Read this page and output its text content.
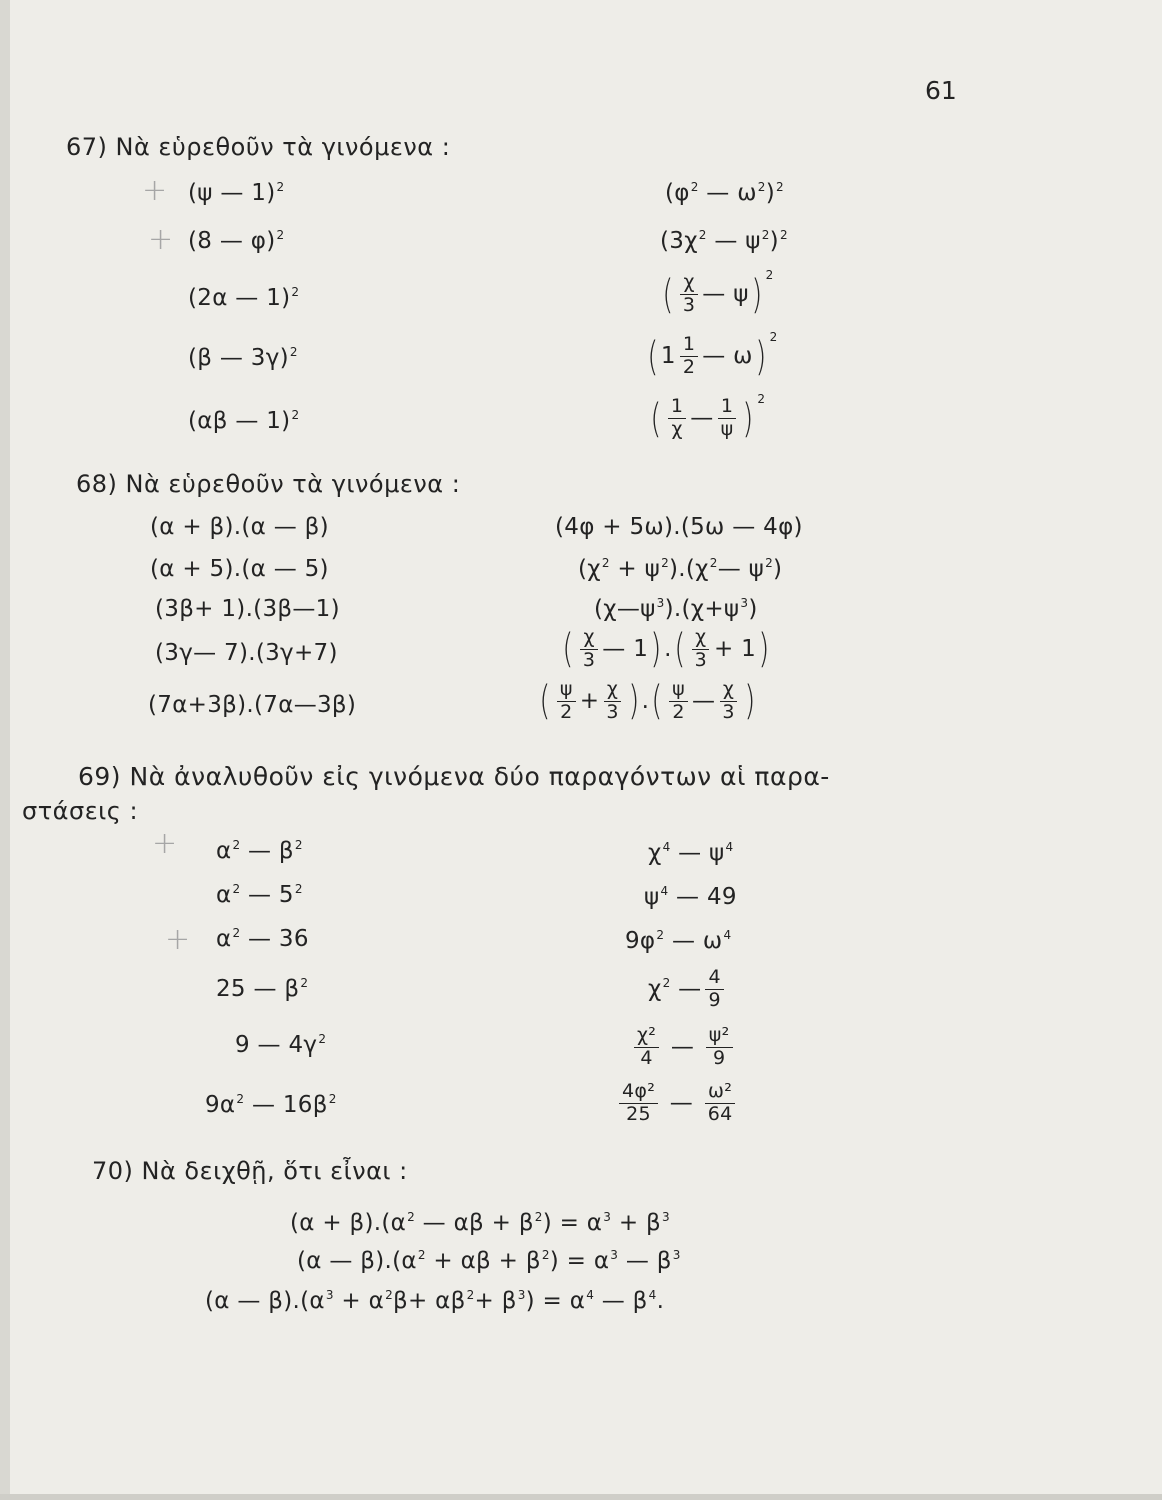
61
67) Νὰ εὑρεθοῦν τὰ γινόμενα :
+
+
(ψ — 1)$^2$
(8 — φ)$^2$
(2α — 1)$^2$
(β — 3γ)$^2$
(αβ — 1)$^2$
($\varphi^2$ — $\omega^2)^2$
($3\chi^2$ — $\psi^2)^2$
( $\frac{\chi}{3}$ — ψ) $^2$
( $1 \frac{1}{2}$ — ω) $^2$
( $\frac{1}{\chi}$ — $\frac{1}{\psi}$ ) $^2$
68) Νὰ εὑρεθοῦν τὰ γινόμενα :
(α + β).(α — β)
(α + 5).(α — 5)
(3β+ 1).(3β—1)
(3γ— 7).(3γ+7)
(7α+3β).(7α—3β)
(4φ + 5ω).(5ω — 4φ)
($\chi^2$ + $\psi^2).(\chi^2—$ $\psi^2$)
$(\chi—\psi^3).(\chi+\psi^3)$
( $\frac{\chi}{3}$ — 1) .( $\frac{\chi}{3} + 1$)
( $\frac{\psi}{2} + \frac{\chi}{3}$ ) .( $\frac{\psi}{2}$ — $\frac{\chi}{3}$ )
69) Νὰ ἀναλυθοῦν εἰς γινόμενα δύο παραγόντων αἱ παρα-
στάσεις :
+
+
$\alpha^2$ — $\beta^2$
$\alpha^2$ — $5^2$
$\alpha^2$ — 36
25 — $\beta^2$
9 — $4\gamma^2$
$9\alpha^2$ — $16\beta^2$
$\chi^4$ — $\psi^4$
$\psi^4$ — 49
$9\varphi^2$ — $\omega^4$
$\chi^2$ — $\frac{4}{9}$
$\frac{\text{χ²}}{4}$ — $\frac{\text{ψ²}}{9}$
$\frac{\text{4φ²}}{25}$ — $\frac{\text{ω²}}{64}$
70) Νὰ δειχθῇ, ὅτι εἶναι :
$(\alpha + \beta).(\alpha^2$ — $\alpha\beta + \beta^2) = \alpha^3 + \beta^3$
(α — $\beta).(\alpha^2 + \alpha\beta + \beta^2) = \alpha^3$ — $\beta^3$
(α — $\beta).(\alpha^3 + \alpha^2\beta+ \alpha\beta^2+ \beta^3) = \alpha^4$ — $\beta^4$.
